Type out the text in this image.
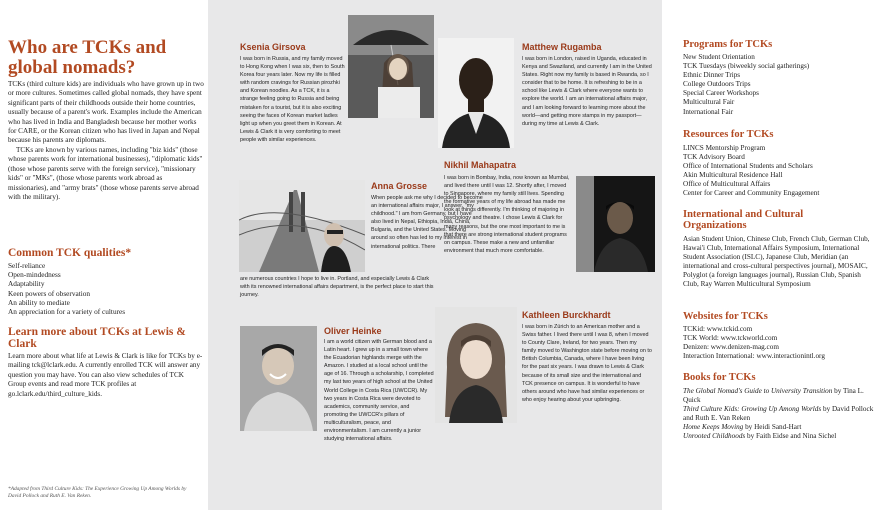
Who are TCKs and global nomads?

TCKs (third culture kids) are individuals who have grown up in two or more cultures. Sometimes called global nomads, they have spent significant parts of their childhoods outside their home countries, usually because of a parent's work. Examples include the American who has lived in India and Bangladesh because her mother works for CARE, or the Korean citizen who has lived in Japan and Nepal because his parents are diplomats.

TCKs are known by various names, including "biz kids" (those whose parents work for international businesses), "diplomatic kids" (those whose parents serve with the foreign service), "missionary kids" or "MKs", (those whose parents work abroad as missionaries), and "army brats" (those whose parents serve abroad with the military).

Common TCK qualities*
Self-reliance
Open-mindedness
Adaptability
Keen powers of observation
An ability to mediate
An appreciation for a variety of cultures
Learn more about TCKs at Lewis & Clark

Learn more about what life at Lewis & Clark is like for TCKs by e-mailing tck@lclark.edu. A currently enrolled TCK will answer any question you may have. You can also view schedules of TCK Group events and read more TCK profiles at go.lclark.edu/third_culture_kids.

*Adapted from Third Culture Kids: The Experience Growing Up Among Worlds by David Pollock and Ruth E. Van Reken.

Ksenia Girsova

I was born in Russia, and my family moved to Hong Kong when I was six, then to South Korea four years later. Now my life is filled with random cravings for Russian pirozhki and Korean noodles. As a TCK, it is a strange feeling going to Russia and being mistaken for a tourist, but it is also exciting seeing the faces of Korean market ladies light up when you greet them in Korean. At Lewis & Clark it is very comforting to meet people with similar experiences.

Matthew Rugamba

I was born in London, raised in Uganda, educated in Kenya and Swaziland, and currently I am in the United States. Right now my family is based in Rwanda, so I consider that to be home. It is refreshing to be in a school like Lewis & Clark where everyone wants to explore the world. I am an international affairs major, and I am looking forward to learning more about the world—and getting more stamps in my passport—during my time at Lewis & Clark.

Anna Grosse

When people ask me why I decided to become an international affairs major, I answer, "my childhood." I am from Germany, but I have also lived in Nepal, Ethiopia, India, China, Bulgaria, and the United States. Moving around so often has led to my interest in international politics. There

are numerous countries I hope to live in. Portland, and especially Lewis & Clark with its renowned international affairs department, is the perfect place to start this journey.

Nikhil Mahapatra

I was born in Bombay, India, now known as Mumbai, and lived there until I was 12. Shortly after, I moved to Singapore, where my family still lives. Spending the formative years of my life abroad has made me look at things differently. I'm thinking of majoring in psychology and theatre. I chose Lewis & Clark for many reasons, but the one most important to me is that there are strong international student programs on campus. These make a new and unfamiliar environment that much more comfortable.

Oliver Heinke

I am a world citizen with German blood and a Latin heart. I grew up in a small town where the Ecuadorian highlands merge with the Amazon. I studied at a local school until the age of 16. Through a scholarship, I completed my last two years of high school at the United World College in Costa Rica (UWCCR). My two years in Costa Rica were devoted to academics, community service, and promoting the UWCCR's pillars of multiculturalism, peace, and environmentalism. I am currently a junior studying international affairs.

Kathleen Burckhardt

I was born in Zürich to an American mother and a Swiss father. I lived there until I was 8, when I moved to County Clare, Ireland, for two years. Then my family moved to Washington state before moving on to British Columbia, Canada, where I have been living for the past six years. I was drawn to Lewis & Clark because of its small size and the international and TCK presence on campus. It is wonderful to have others around who have had similar experiences or who enjoy hearing about your upbringing.

Programs for TCKs
New Student Orientation
TCK Tuesdays (biweekly social gatherings)
Ethnic Dinner Trips
College Outdoors Trips
Special Career Workshops
Multicultural Fair
International Fair
Resources for TCKs
LINCS Mentorship Program
TCK Advisory Board
Office of International Students and Scholars
Akin Multicultural Residence Hall
Office of Multicultural Affairs
Center for Career and Community Engagement
International and Cultural Organizations

Asian Student Union, Chinese Club, French Club, German Club, Hawai'i Club, International Affairs Symposium, International Student Association (ISLC), Japanese Club, Meridian (an international and cross-cultural perspectives journal), MOSAIC, Polyglot (a foreign languages journal), Russian Club, Spanish Club, Ray Warren Multicultural Symposium

Websites for TCKs
TCKid: www.tckid.com
TCK World: www.tckworld.com
Denizen: www.denizen-mag.com
Interaction International: www.interactionintl.org
Books for TCKs
The Global Nomad's Guide to University Transition by Tina L. Quick
Third Culture Kids: Growing Up Among Worlds by David Pollock and Ruth E. Van Reken
Home Keeps Moving by Heidi Sand-Hart
Unrooted Childhoods by Faith Eidse and Nina Sichel
